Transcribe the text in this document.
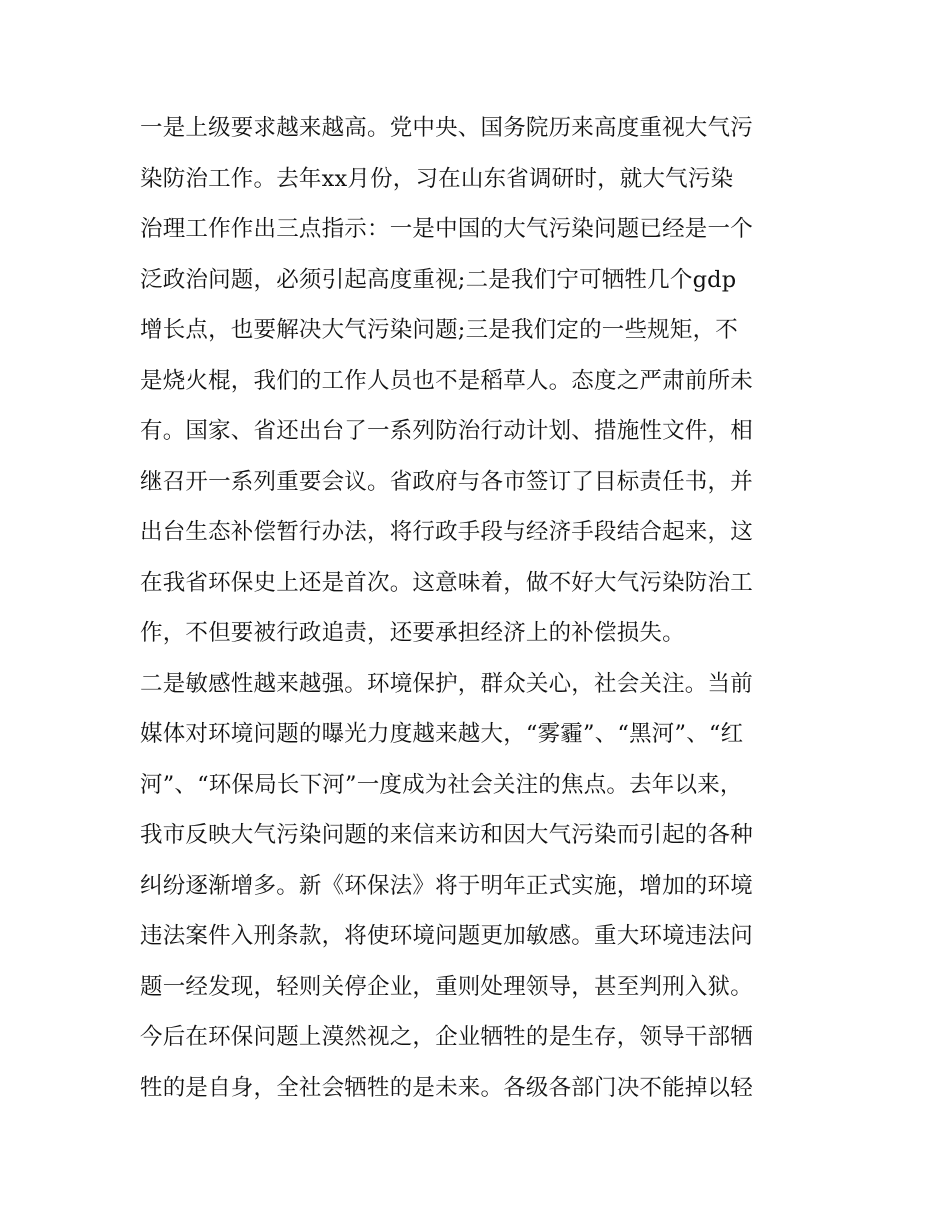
一是上级要求越来越高。党中央、国务院历来高度重视大气污
染防治工作。去年xx月份，习在山东省调研时，就大气污染
治理工作作出三点指示：一是中国的大气污染问题已经是一个
泛政治问题，必须引起高度重视;二是我们宁可牺牲几个gdp
增长点，也要解决大气污染问题;三是我们定的一些规矩，不
是烧火棍，我们的工作人员也不是稻草人。态度之严肃前所未
有。国家、省还出台了一系列防治行动计划、措施性文件，相
继召开一系列重要会议。省政府与各市签订了目标责任书，并
出台生态补偿暂行办法，将行政手段与经济手段结合起来，这
在我省环保史上还是首次。这意味着，做不好大气污染防治工
作，不但要被行政追责，还要承担经济上的补偿损失。
二是敏感性越来越强。环境保护，群众关心，社会关注。当前
媒体对环境问题的曝光力度越来越大，“雾霾”、“黑河”、“红
河”、“环保局长下河”一度成为社会关注的焦点。去年以来，
我市反映大气污染问题的来信来访和因大气污染而引起的各种
纠纷逐渐增多。新《环保法》将于明年正式实施，增加的环境
违法案件入刑条款，将使环境问题更加敏感。重大环境违法问
题一经发现，轻则关停企业，重则处理领导，甚至判刑入狱。
今后在环保问题上漠然视之，企业牺牲的是生存，领导干部牺
牲的是自身，全社会牺牲的是未来。各级各部门决不能掉以轻
